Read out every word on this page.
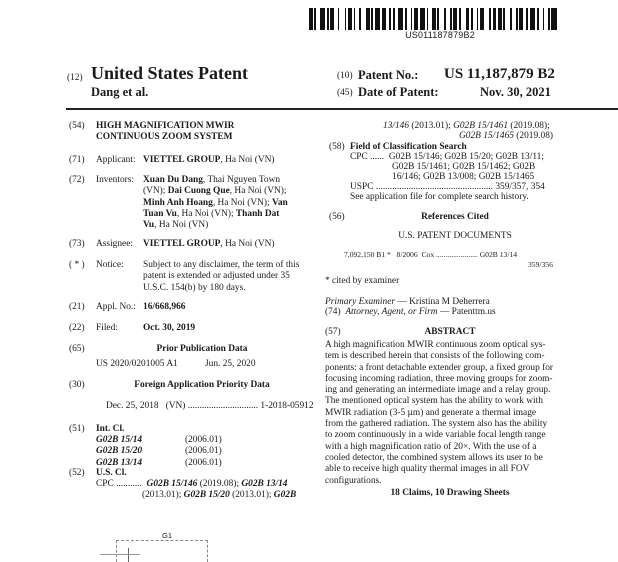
US011187879B2
(12) United States Patent
Dang et al.
(10) Patent No.: US 11,187,879 B2
(45) Date of Patent:	Nov. 30, 2021
(54) HIGH MAGNIFICATION MWIR
CONTINUOUS ZOOM SYSTEM
(71) Applicant: VIETTEL GROUP, Ha Noi (VN)
(72) Inventors: Xuan Du Dang, Thai Nguyen Town
(VN); Dai Cuong Que, Ha Noi (VN);
Minh Anh Hoang, Ha Noi (VN); Van
Tuan Vu, Ha Noi (VN); Thanh Dat
Vu, Ha Noi (VN)
(73) Assignee: VIETTEL GROUP, Ha Noi (VN)
( * ) Notice: Subject to any disclaimer, the term of this
patent is extended or adjusted under 35
U.S.C. 154(b) by 180 days.
(21) Appl. No.: 16/668,966
(22) Filed:	Oct. 30, 2019
(65)	Prior Publication Data
US 2020/0201005 A1	Jun. 25, 2020
(30)	Foreign Application Priority Data
Dec. 25, 2018 (VN) .............................. 1-2018-05912
(51) Int. Cl.
G02B 15/14	(2006.01)
G02B 15/20	(2006.01)
G02B 13/14	(2006.01)
(52) U.S. Cl.
CPC ........... G02B 15/146 (2019.08); G02B 13/14
(2013.01); G02B 15/20 (2013.01); G02B
13/146 (2013.01); G02B 15/1461 (2019.08);
G02B 15/1465 (2019.08)
(58) Field of Classification Search
CPC ...... G02B 15/146; G02B 15/20; G02B 13/11;
G02B 15/1461; G02B 15/1462; G02B
16/146; G02B 13/008; G02B 15/1465
USPC .................................................. 359/357, 354
See application file for complete search history.
(56)	References Cited
U.S. PATENT DOCUMENTS
7,092,150 B1 * 8/2006 Cox ...................... G02B 13/14
359/356
* cited by examiner
Primary Examiner — Kristina M Deherrera
(74) Attorney, Agent, or Firm — Patenttm.us
(57)	ABSTRACT
A high magnification MWIR continuous zoom optical sys-
tem is described herein that consists of the following com-
ponents: a front detachable extender group, a fixed group for
focusing incoming radiation, three moving groups for zoom-
ing and generating an intermediate image and a relay group.
The mentioned optical system has the ability to work with
MWIR radiation (3-5 µm) and generate a thermal image
from the gathered radiation. The system also has the ability
to zoom continuously in a wide variable focal length range
with a high magnification ratio of 20×. With the use of a
cooled detector, the combined system allows its user to be
able to receive high quality thermal images in all FOV
configurations.
18 Claims, 10 Drawing Sheets
G1
